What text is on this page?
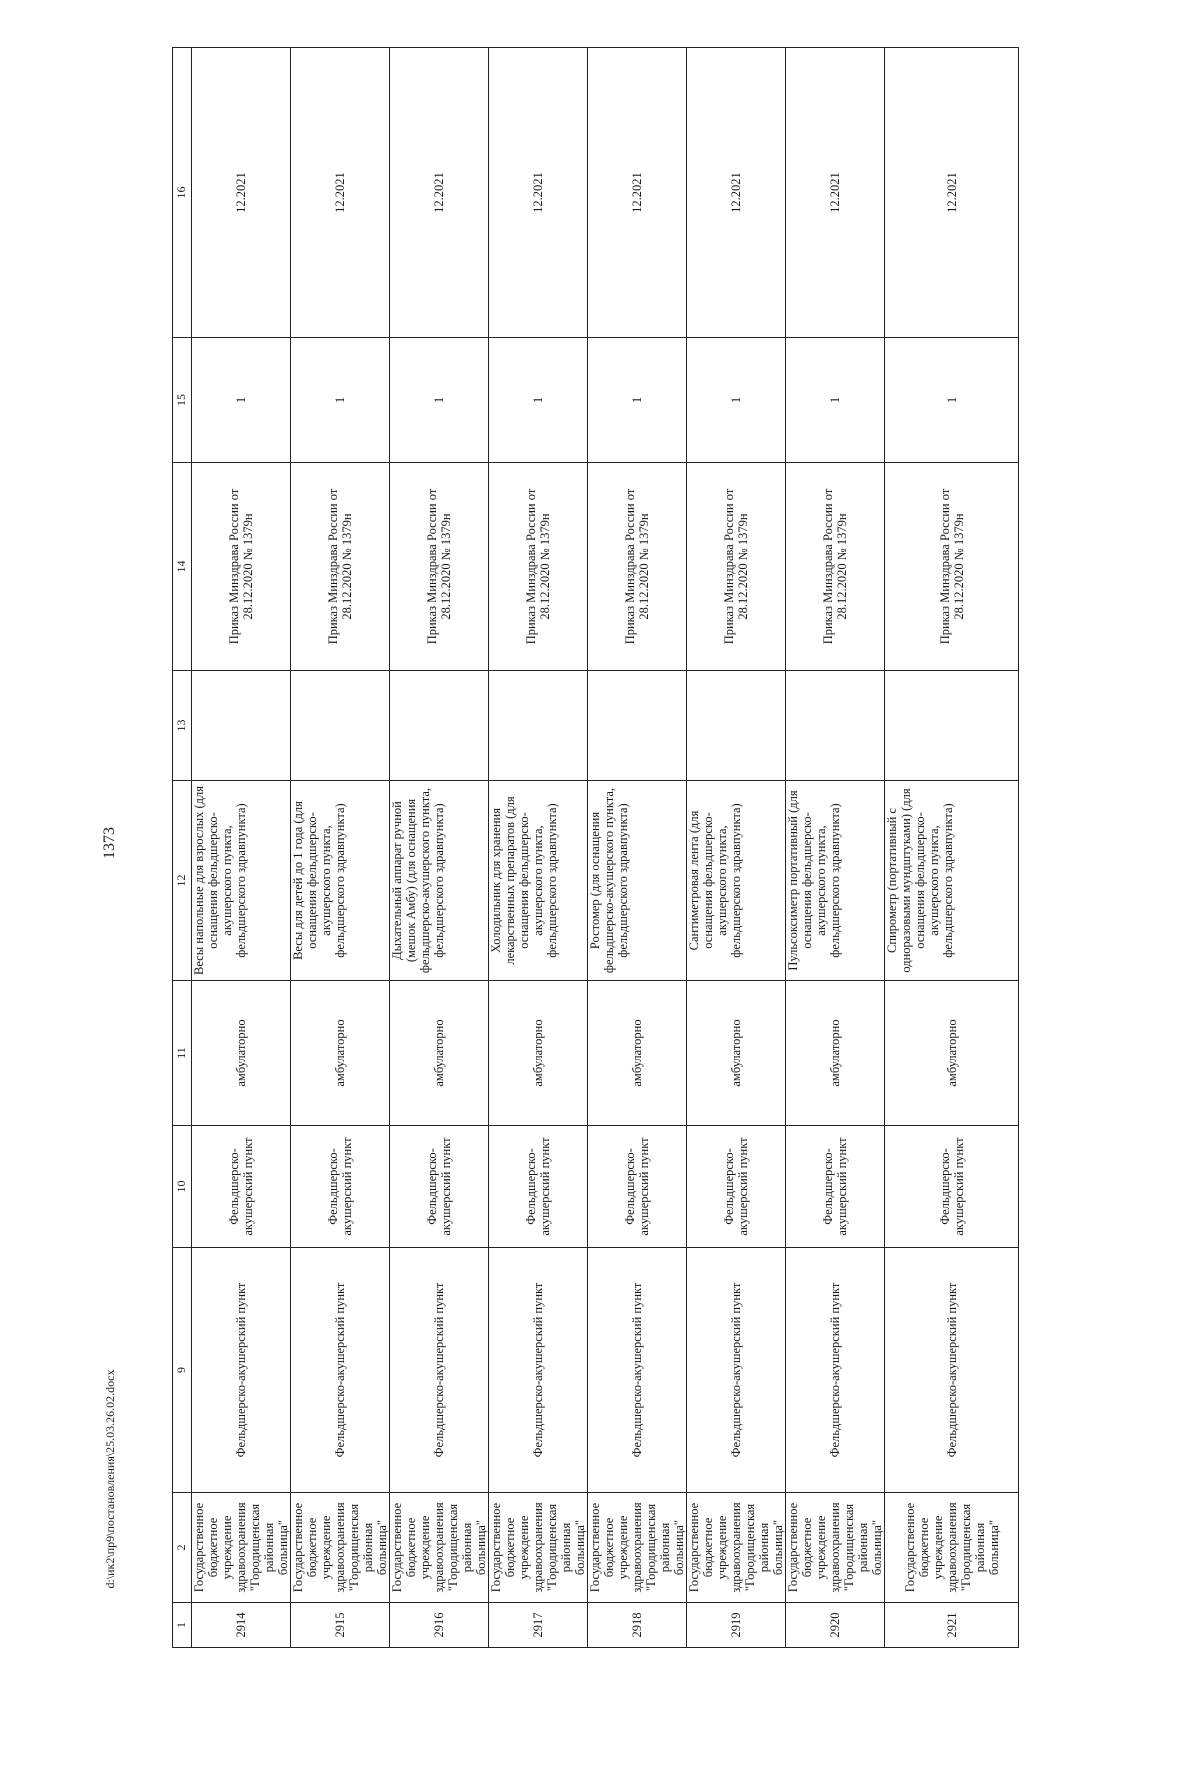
1373
1	2	9	10	11	12	13	14	15	16
2914	Государственное бюджетное учреждение здравоохранения "Городищенская районная больница"	Фельдшерско-акушерский пункт	Фельдшерско-акушерский пункт	амбулаторно	Весы напольные для взрослых (для оснащения фельдшерско-акушерского пункта, фельдшерского здравпункта)		Приказ Минздрава России от 28.12.2020 № 1379н	1	12.2021
2915	Государственное бюджетное учреждение здравоохранения "Городищенская районная больница"	Фельдшерско-акушерский пункт	Фельдшерско-акушерский пункт	амбулаторно	Весы для детей до 1 года (для оснащения фельдшерско-акушерского пункта, фельдшерского здравпункта)		Приказ Минздрава России от 28.12.2020 № 1379н	1	12.2021
2916	Государственное бюджетное учреждение здравоохранения "Городищенская районная больница"	Фельдшерско-акушерский пункт	Фельдшерско-акушерский пункт	амбулаторно	Дыхательный аппарат ручной (мешок Амбу) (для оснащения фельдшерско-акушерского пункта, фельдшерского здравпункта)		Приказ Минздрава России от 28.12.2020 № 1379н	1	12.2021
2917	Государственное бюджетное учреждение здравоохранения "Городищенская районная больница"	Фельдшерско-акушерский пункт	Фельдшерско-акушерский пункт	амбулаторно	Холодильник для хранения лекарственных препаратов (для оснащения фельдшерско-акушерского пункта, фельдшерского здравпункта)		Приказ Минздрава России от 28.12.2020 № 1379н	1	12.2021
2918	Государственное бюджетное учреждение здравоохранения "Городищенская районная больница"	Фельдшерско-акушерский пункт	Фельдшерско-акушерский пункт	амбулаторно	Ростомер (для оснащения фельдшерско-акушерского пункта, фельдшерского здравпункта)		Приказ Минздрава России от 28.12.2020 № 1379н	1	12.2021
2919	Государственное бюджетное учреждение здравоохранения "Городищенская районная больница"	Фельдшерско-акушерский пункт	Фельдшерско-акушерский пункт	амбулаторно	Сантиметровая лента (для оснащения фельдшерско-акушерского пункта, фельдшерского здравпункта)		Приказ Минздрава России от 28.12.2020 № 1379н	1	12.2021
2920	Государственное бюджетное учреждение здравоохранения "Городищенская районная больница"	Фельдшерско-акушерский пункт	Фельдшерско-акушерский пункт	амбулаторно	Пульсоксиметр портативный (для оснащения фельдшерско-акушерского пункта, фельдшерского здравпункта)		Приказ Минздрава России от 28.12.2020 № 1379н	1	12.2021
2921	Государственное бюджетное учреждение здравоохранения "Городищенская районная больница"	Фельдшерско-акушерский пункт	Фельдшерско-акушерский пункт	амбулаторно	Спирометр (портативный с одноразовыми мундштуками) (для оснащения фельдшерско-акушерского пункта, фельдшерского здравпункта)		Приказ Минздрава России от 28.12.2020 № 1379н	1	12.2021
d:\ик2\пр9\постановления\25.03.26.02.docx
